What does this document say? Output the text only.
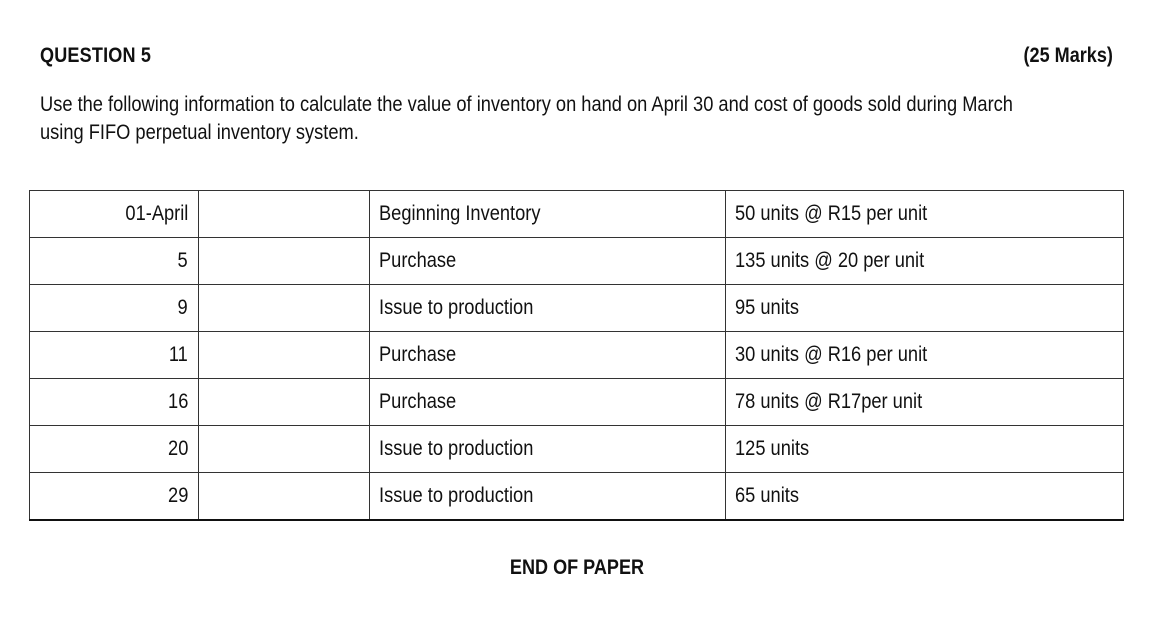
QUESTION 5	(25 Marks)
Use the following information to calculate the value of inventory on hand on April 30 and cost of goods sold during March using FIFO perpetual inventory system.
01-April		Beginning Inventory	50 units @ R15 per unit
5		Purchase	135 units @ 20 per unit
9		Issue to production	95 units
11		Purchase	30 units @ R16 per unit
16		Purchase	78 units @ R17per unit
20		Issue to production	125 units
29		Issue to production	65 units
END OF PAPER
